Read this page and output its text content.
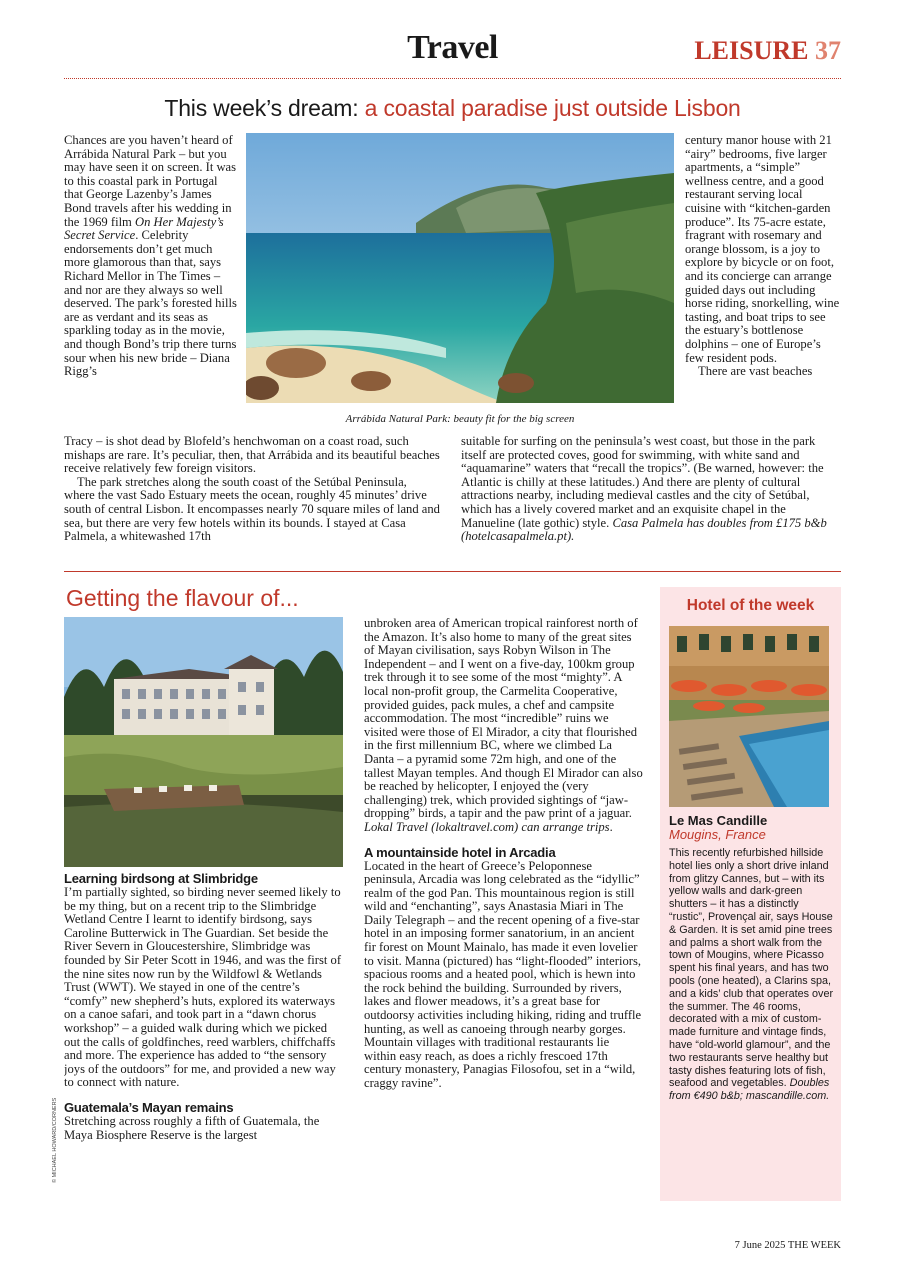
Travel	LEISURE 37
This week’s dream: a coastal paradise just outside Lisbon

Chances are you haven’t heard of Arrábida Natural Park – but you may have seen it on screen. It was to this coastal park in Portugal that George Lazenby’s James Bond travels after his wedding in the 1969 film On Her Majesty’s Secret Service. Celebrity endorsements don’t get much more glamorous than that, says Richard Mellor in The Times – and nor are they always so well deserved. The park’s forested hills are as verdant and its seas as sparkling today as in the movie, and though Bond’s trip there turns sour when his new bride – Diana Rigg’s

Arrábida Natural Park: beauty fit for the big screen

century manor house with 21 “airy” bedrooms, five larger apartments, a “simple” wellness centre, and a good restaurant serving local cuisine with “kitchen-garden produce”. Its 75-acre estate, fragrant with rosemary and orange blossom, is a joy to explore by bicycle or on foot, and its concierge can arrange guided days out including horse riding, snorkelling, wine tasting, and boat trips to see the estuary’s bottlenose dolphins – one of Europe’s few resident pods.

There are vast beaches

Tracy – is shot dead by Blofeld’s henchwoman on a coast road, such mishaps are rare. It’s peculiar, then, that Arrábida and its beautiful beaches receive relatively few foreign visitors.

The park stretches along the south coast of the Setúbal Peninsula, where the vast Sado Estuary meets the ocean, roughly 45 minutes’ drive south of central Lisbon. It encompasses nearly 70 square miles of land and sea, but there are very few hotels within its bounds. I stayed at Casa Palmela, a whitewashed 17th

suitable for surfing on the peninsula’s west coast, but those in the park itself are protected coves, good for swimming, with white sand and “aquamarine” waters that “recall the tropics”. (Be warned, however: the Atlantic is chilly at these latitudes.) And there are plenty of cultural attractions nearby, including medieval castles and the city of Setúbal, which has a lively covered market and an exquisite chapel in the Manueline (late gothic) style. Casa Palmela has doubles from £175 b&b (hotelcasapalmela.pt).

Getting the flavour of...
© MICHAEL HOWARD/CORNERS
Learning birdsong at Slimbridge

I’m partially sighted, so birding never seemed likely to be my thing, but on a recent trip to the Slimbridge Wetland Centre I learnt to identify birdsong, says Caroline Butterwick in The Guardian. Set beside the River Severn in Gloucestershire, Slimbridge was founded by Sir Peter Scott in 1946, and was the first of the nine sites now run by the Wildfowl & Wetlands Trust (WWT). We stayed in one of the centre’s “comfy” new shepherd’s huts, explored its waterways on a canoe safari, and took part in a “dawn chorus workshop” – a guided walk during which we picked out the calls of goldfinches, reed warblers, chiffchaffs and more. The experience has added to “the sensory joys of the outdoors” for me, and provided a new way to connect with nature.

Guatemala’s Mayan remains

Stretching across roughly a fifth of Guatemala, the Maya Biosphere Reserve is the largest

unbroken area of American tropical rainforest north of the Amazon. It’s also home to many of the great sites of Mayan civilisation, says Robyn Wilson in The Independent – and I went on a five-day, 100km group trek through it to see some of the most “mighty”. A local non-profit group, the Carmelita Cooperative, provided guides, pack mules, a chef and campsite accommodation. The most “incredible” ruins we visited were those of El Mirador, a city that flourished in the first millennium BC, where we climbed La Danta – a pyramid some 72m high, and one of the tallest Mayan temples. And though El Mirador can also be reached by helicopter, I enjoyed the (very challenging) trek, which provided sightings of “jaw-dropping” birds, a tapir and the paw print of a jaguar. Lokal Travel (lokaltravel.com) can arrange trips.

A mountainside hotel in Arcadia

Located in the heart of Greece’s Peloponnese peninsula, Arcadia was long celebrated as the “idyllic” realm of the god Pan. This mountainous region is still wild and “enchanting”, says Anastasia Miari in The Daily Telegraph – and the recent opening of a five-star hotel in an imposing former sanatorium, in an ancient fir forest on Mount Mainalo, has made it even lovelier to visit. Manna (pictured) has “light-flooded” interiors, spacious rooms and a heated pool, which is hewn into the rock behind the building. Surrounded by rivers, lakes and flower meadows, it’s a great base for outdoorsy activities including hiking, riding and truffle hunting, as well as canoeing through nearby gorges. Mountain villages with traditional restaurants lie within easy reach, as does a richly frescoed 17th century monastery, Panagias Filosofou, set in a “wild, craggy ravine”.

Hotel of the week
Le Mas Candille
Mougins, France
This recently refurbished hillside hotel lies only a short drive inland from glitzy Cannes, but – with its yellow walls and dark-green shutters – it has a distinctly “rustic”, Provençal air, says House & Garden. It is set amid pine trees and palms a short walk from the town of Mougins, where Picasso spent his final years, and has two pools (one heated), a Clarins spa, and a kids’ club that operates over the summer. The 46 rooms, decorated with a mix of custom-made furniture and vintage finds, have “old-world glamour”, and the two restaurants serve healthy but tasty dishes featuring lots of fish, seafood and vegetables. Doubles from €490 b&b; mascandille.com.
7 June 2025 THE WEEK
